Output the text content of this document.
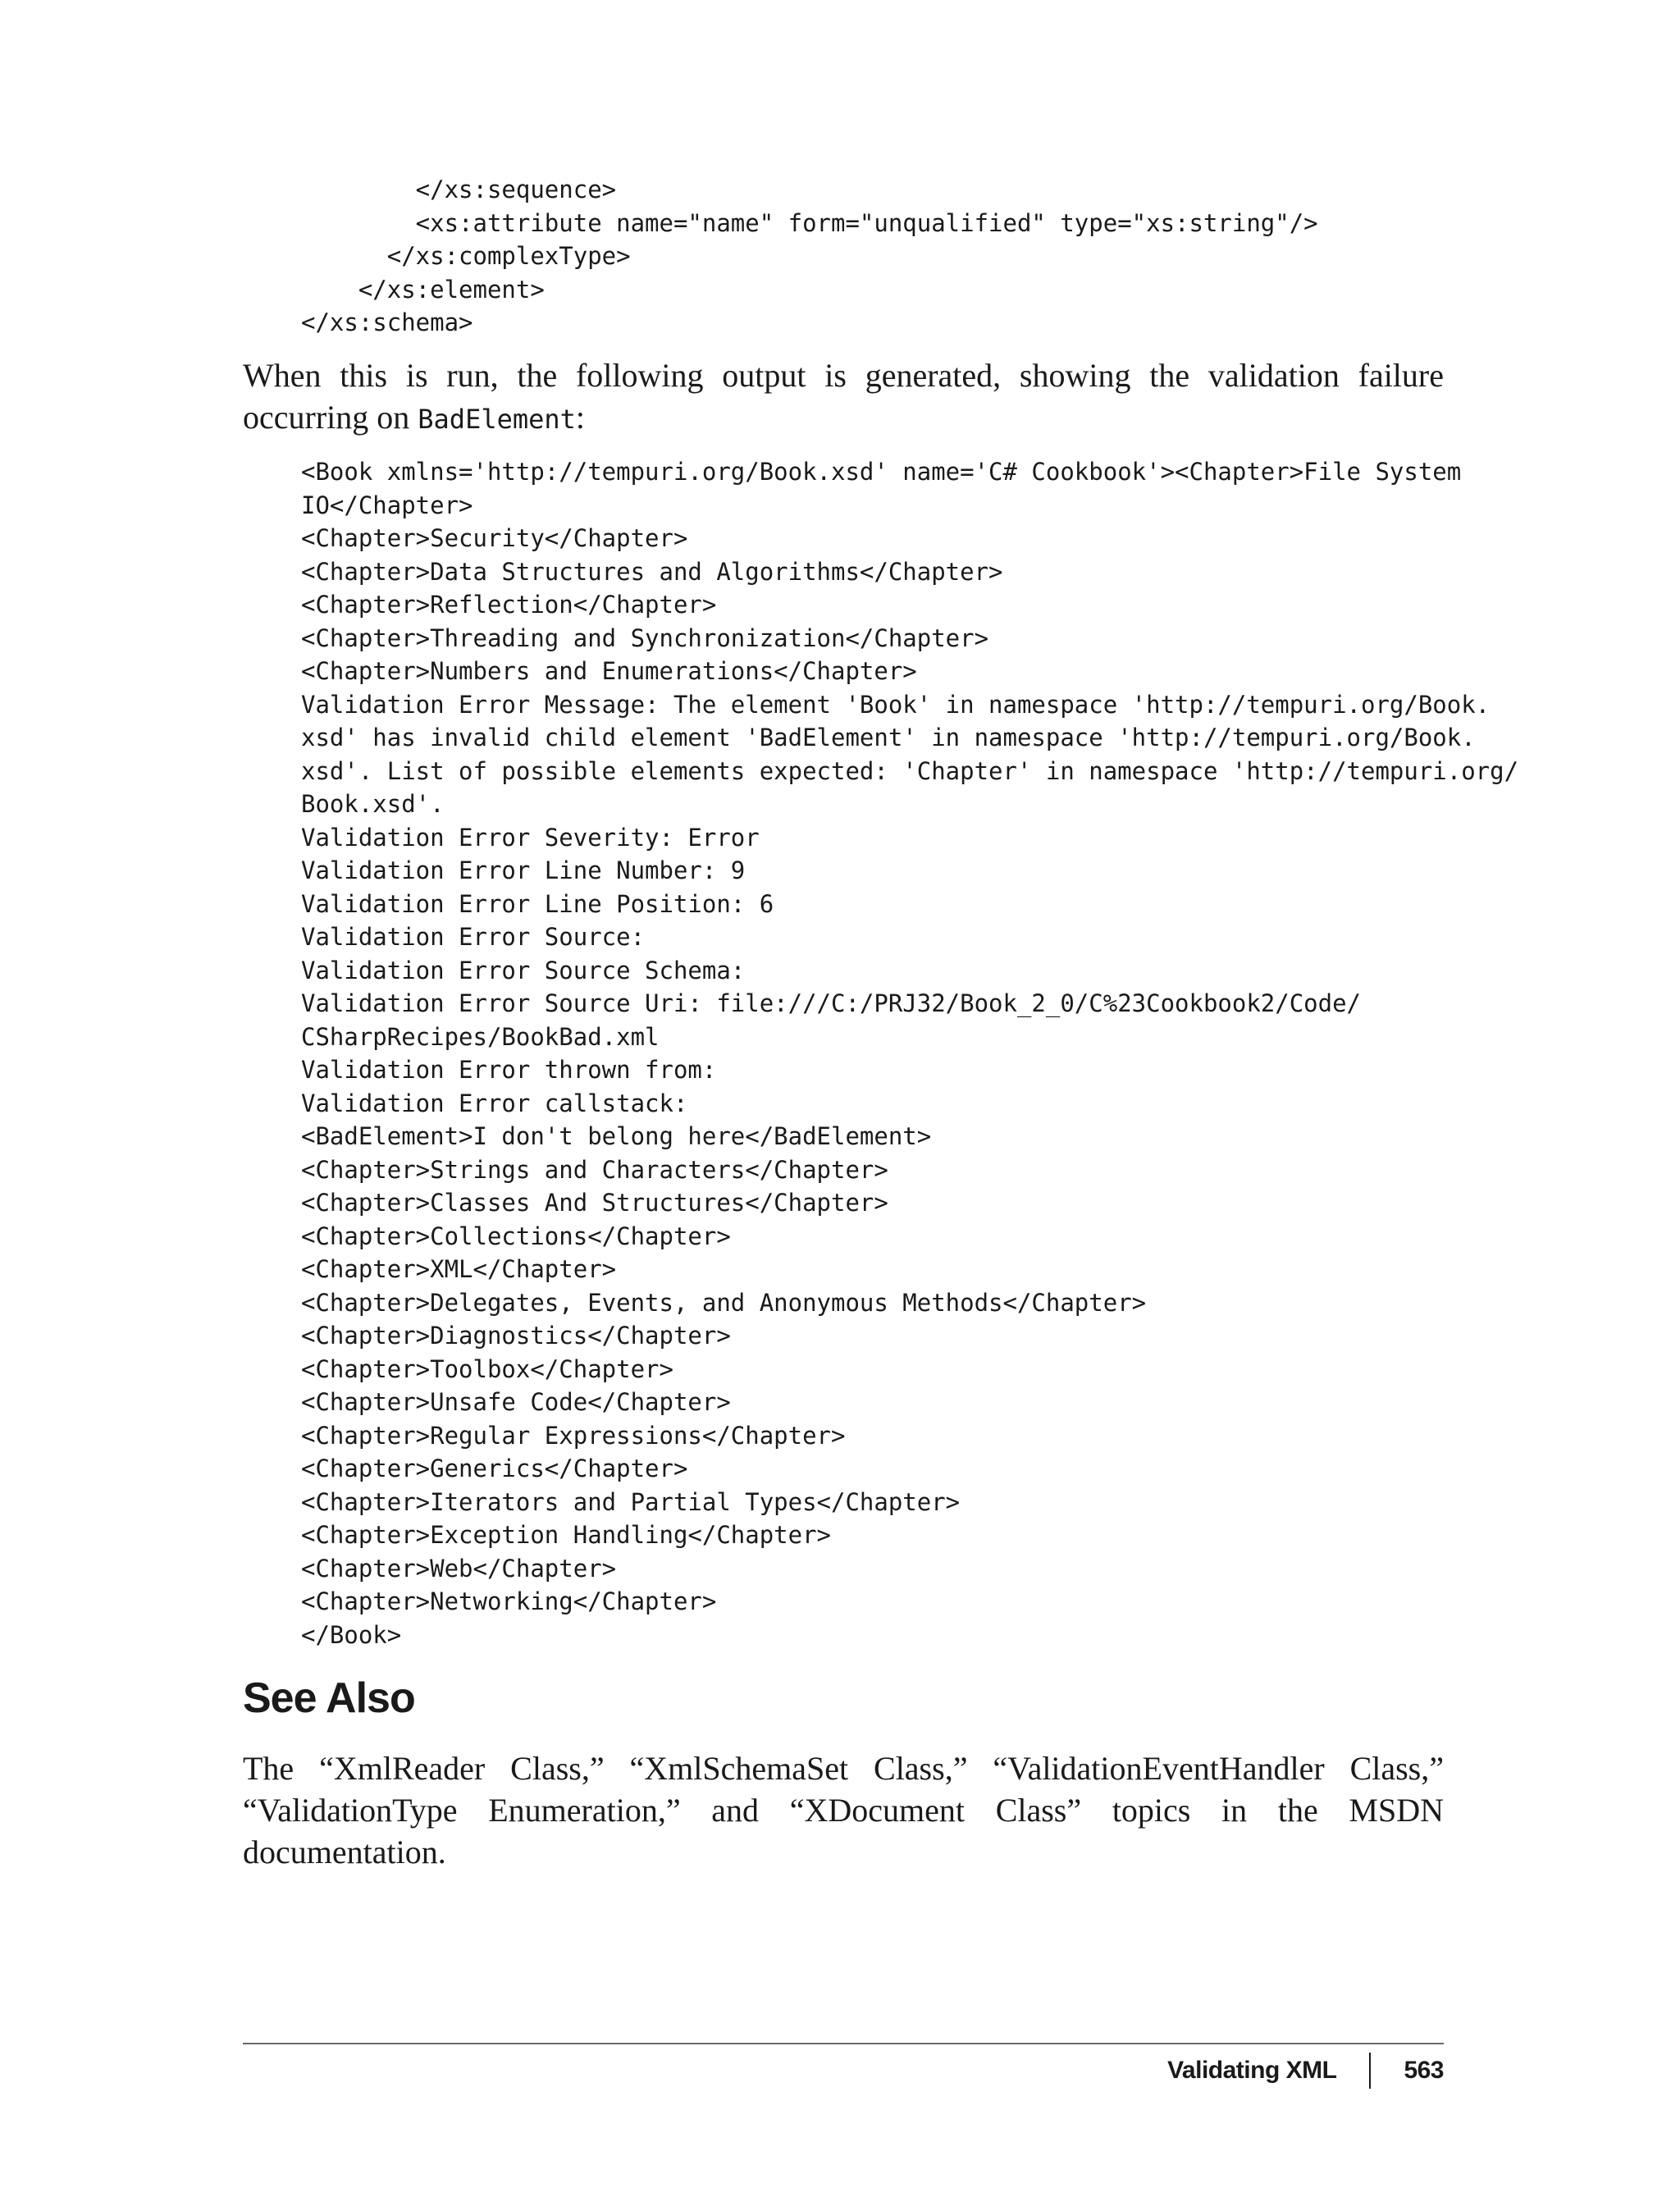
</xs:sequence>
<xs:attribute name="name" form="unqualified" type="xs:string"/>
</xs:complexType>
</xs:element>
</xs:schema>

When this is run, the following output is generated, showing the validation failure occurring on BadElement:

<Book xmlns='http://tempuri.org/Book.xsd' name='C# Cookbook'><Chapter>File System
IO</Chapter>
<Chapter>Security</Chapter>
<Chapter>Data Structures and Algorithms</Chapter>
<Chapter>Reflection</Chapter>
<Chapter>Threading and Synchronization</Chapter>
<Chapter>Numbers and Enumerations</Chapter>
Validation Error Message: The element 'Book' in namespace 'http://tempuri.org/Book.
xsd' has invalid child element 'BadElement' in namespace 'http://tempuri.org/Book.
xsd'. List of possible elements expected: 'Chapter' in namespace 'http://tempuri.org/
Book.xsd'.
Validation Error Severity: Error
Validation Error Line Number: 9
Validation Error Line Position: 6
Validation Error Source:
Validation Error Source Schema:
Validation Error Source Uri: file:///C:/PRJ32/Book_2_0/C%23Cookbook2/Code/
CSharpRecipes/BookBad.xml
Validation Error thrown from:
Validation Error callstack:
<BadElement>I don't belong here</BadElement>
<Chapter>Strings and Characters</Chapter>
<Chapter>Classes And Structures</Chapter>
<Chapter>Collections</Chapter>
<Chapter>XML</Chapter>
<Chapter>Delegates, Events, and Anonymous Methods</Chapter>
<Chapter>Diagnostics</Chapter>
<Chapter>Toolbox</Chapter>
<Chapter>Unsafe Code</Chapter>
<Chapter>Regular Expressions</Chapter>
<Chapter>Generics</Chapter>
<Chapter>Iterators and Partial Types</Chapter>
<Chapter>Exception Handling</Chapter>
<Chapter>Web</Chapter>
<Chapter>Networking</Chapter>
</Book>
See Also

The “XmlReader Class,” “XmlSchemaSet Class,” “ValidationEventHandler Class,” “ValidationType Enumeration,” and “XDocument Class” topics in the MSDN documentation.

Validating XML	563
